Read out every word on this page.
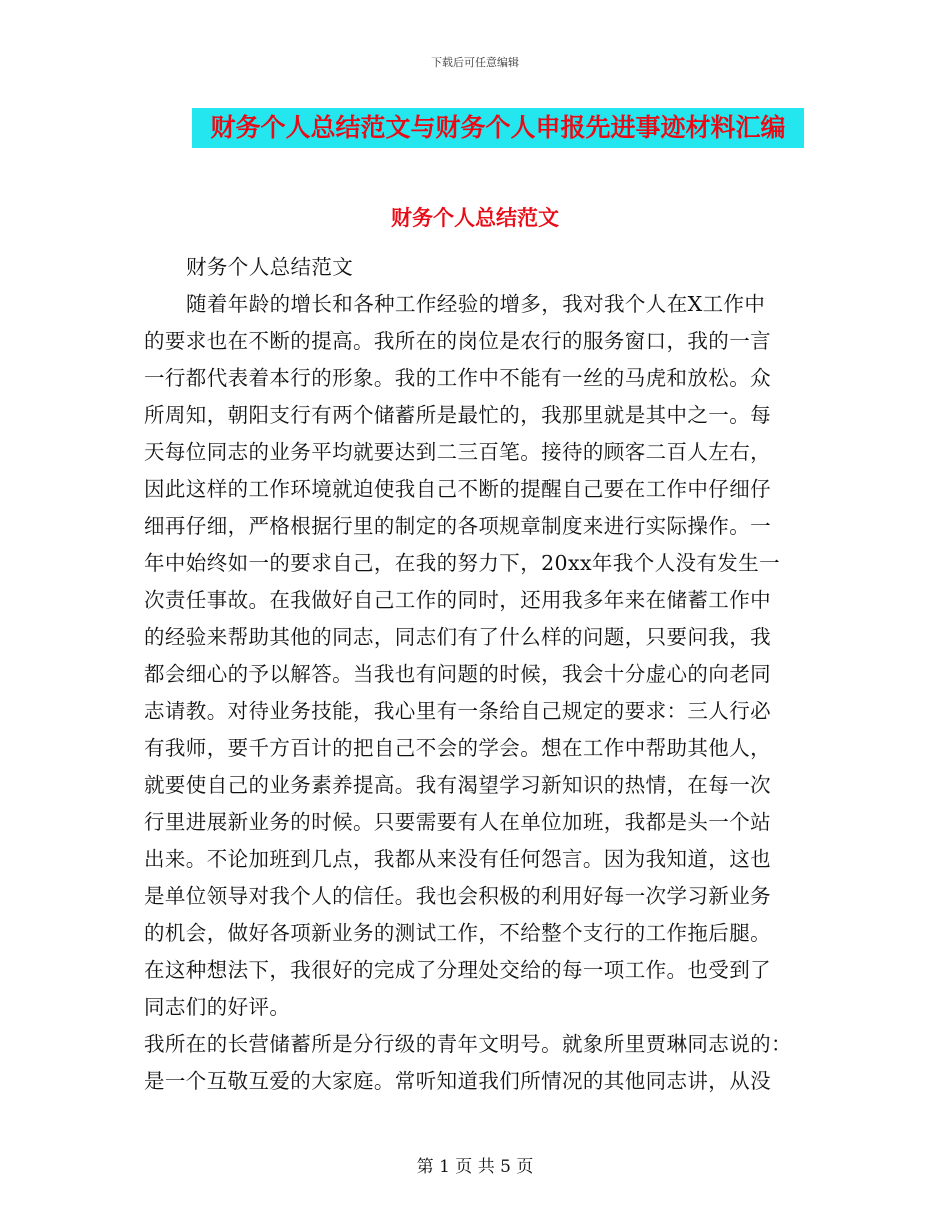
下载后可任意编辑
财务个人总结范文与财务个人申报先进事迹材料汇编
财务个人总结范文
财务个人总结范文
随着年龄的增长和各种工作经验的增多，我对我个人在X工作中
的要求也在不断的提高。我所在的岗位是农行的服务窗口，我的一言
一行都代表着本行的形象。我的工作中不能有一丝的马虎和放松。众
所周知，朝阳支行有两个储蓄所是最忙的，我那里就是其中之一。每
天每位同志的业务平均就要达到二三百笔。接待的顾客二百人左右，
因此这样的工作环境就迫使我自己不断的提醒自己要在工作中仔细仔
细再仔细，严格根据行里的制定的各项规章制度来进行实际操作。一
年中始终如一的要求自己，在我的努力下，20xx年我个人没有发生一
次责任事故。在我做好自己工作的同时，还用我多年来在储蓄工作中
的经验来帮助其他的同志，同志们有了什么样的问题，只要问我，我
都会细心的予以解答。当我也有问题的时候，我会十分虚心的向老同
志请教。对待业务技能，我心里有一条给自己规定的要求：三人行必
有我师，要千方百计的把自己不会的学会。想在工作中帮助其他人，
就要使自己的业务素养提高。我有渴望学习新知识的热情，在每一次
行里进展新业务的时候。只要需要有人在单位加班，我都是头一个站
出来。不论加班到几点，我都从来没有任何怨言。因为我知道，这也
是单位领导对我个人的信任。我也会积极的利用好每一次学习新业务
的机会，做好各项新业务的测试工作，不给整个支行的工作拖后腿。
在这种想法下，我很好的完成了分理处交给的每一项工作。也受到了
同志们的好评。
我所在的长营储蓄所是分行级的青年文明号。就象所里贾琳同志说的：
是一个互敬互爱的大家庭。常听知道我们所情况的其他同志讲，从没
第 1 页 共 5 页
